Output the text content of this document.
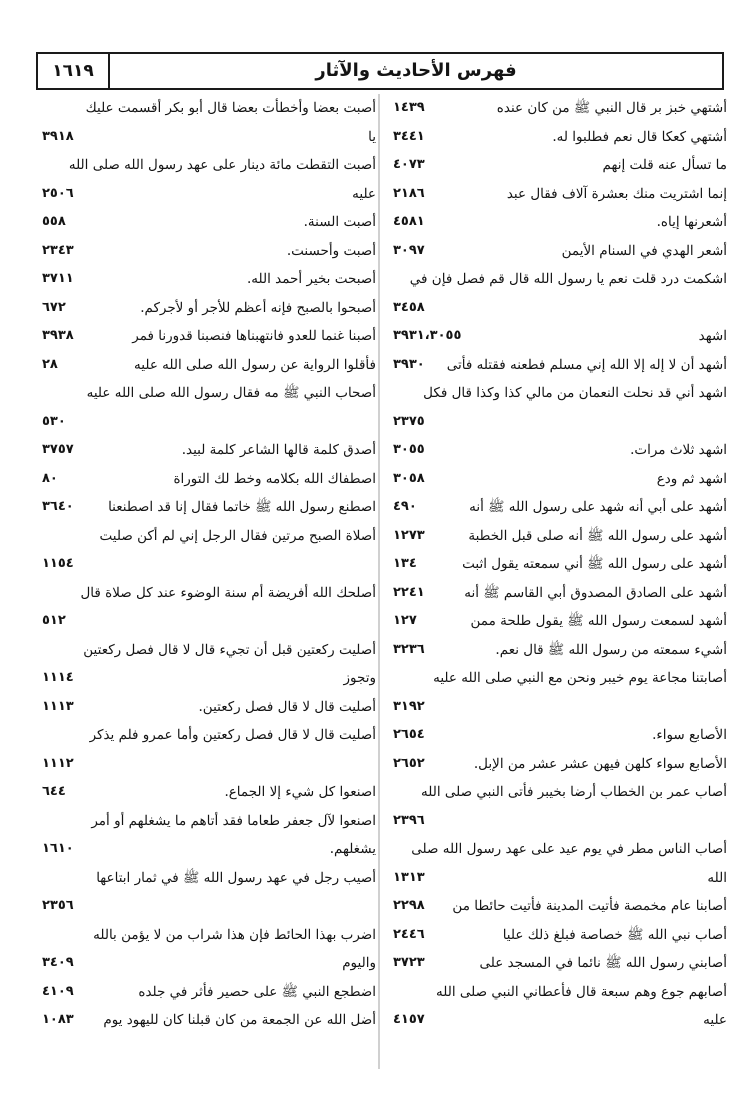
١٦١٩	فهرس الأحاديث والآثار
أشتهي خبز بر قال النبي ﷺ من كان عنده
١٤٣٩
أشتهي كعكا قال نعم فطلبوا له.
٣٤٤١
ما تسأل عنه قلت إنهم
٤٠٧٣
إنما اشتريت منك بعشرة آلاف فقال عبد
٢١٨٦
أشعرنها إياه.
٤٥٨١
أشعر الهدي في السنام الأيمن
٣٠٩٧
اشكمت درد قلت نعم يا رسول الله قال قم فصل فإن في
٣٤٥٨
اشهد
٣٩٣١،٣٠٥٥
أشهد أن لا إله إلا الله إني مسلم فطعنه فقتله فأتى
٣٩٣٠
اشهد أني قد نحلت النعمان من مالي كذا وكذا قال فكل
٢٣٧٥
اشهد ثلاث مرات.
٣٠٥٥
اشهد ثم ودع
٣٠٥٨
أشهد على أبي أنه شهد على رسول الله ﷺ أنه
٤٩٠
أشهد على رسول الله ﷺ أنه صلى قبل الخطبة
١٢٧٣
أشهد على رسول الله ﷺ أني سمعته يقول اثبت
١٣٤
أشهد على الصادق المصدوق أبي القاسم ﷺ أنه
٢٢٤١
أشهد لسمعت رسول الله ﷺ يقول طلحة ممن
١٢٧
أشيء سمعته من رسول الله ﷺ قال نعم.
٣٢٣٦
أصابتنا مجاعة يوم خيبر ونحن مع النبي صلى الله عليه
٣١٩٢
الأصابع سواء.
٢٦٥٤
الأصابع سواء كلهن فيهن عشر عشر من الإبل.
٢٦٥٢
أصاب عمر بن الخطاب أرضا بخيبر فأتى النبي صلى الله
٢٣٩٦
أصاب الناس مطر في يوم عيد على عهد رسول الله صلى
الله
١٣١٣
أصابنا عام مخمصة فأتيت المدينة فأتيت حائطا من
٢٢٩٨
أصاب نبي الله ﷺ خصاصة فبلغ ذلك عليا
٢٤٤٦
أصابني رسول الله ﷺ نائما في المسجد على
٣٧٢٣
أصابهم جوع وهم سبعة قال فأعطاني النبي صلى الله
عليه
٤١٥٧
أصبت بعضا وأخطأت بعضا قال أبو بكر أقسمت عليك
يا
٣٩١٨
أصبت التقطت مائة دينار على عهد رسول الله صلى الله
عليه
٢٥٠٦
أصبت السنة.
٥٥٨
أصبت وأحسنت.
٢٣٤٣
أصبحت بخير أحمد الله.
٣٧١١
أصبحوا بالصبح فإنه أعظم للأجر أو لأجركم.
٦٧٢
أصبنا غنما للعدو فانتهبناها فنصبنا قدورنا فمر
٣٩٣٨
فأقلوا الرواية عن رسول الله صلى الله عليه
٢٨
أصحاب النبي ﷺ مه فقال رسول الله صلى الله عليه
٥٣٠
أصدق كلمة قالها الشاعر كلمة لبيد.
٣٧٥٧
اصطفاك الله بكلامه وخط لك التوراة
٨٠
اصطنع رسول الله ﷺ خاتما فقال إنا قد اصطنعنا
٣٦٤٠
أصلاة الصبح مرتين فقال الرجل إني لم أكن صليت
١١٥٤
أصلحك الله أفريضة أم سنة الوضوء عند كل صلاة قال
٥١٢
أصليت ركعتين قبل أن تجيء قال لا قال فصل ركعتين
وتجوز
١١١٤
أصليت قال لا قال فصل ركعتين.
١١١٣
أصليت قال لا قال فصل ركعتين وأما عمرو فلم يذكر
١١١٢
اصنعوا كل شيء إلا الجماع.
٦٤٤
اصنعوا لآل جعفر طعاما فقد أتاهم ما يشغلهم أو أمر
يشغلهم.
١٦١٠
أصيب رجل في عهد رسول الله ﷺ في ثمار ابتاعها
٢٣٥٦
اضرب بهذا الحائط فإن هذا شراب من لا يؤمن بالله
واليوم
٣٤٠٩
اضطجع النبي ﷺ على حصير فأثر في جلده
٤١٠٩
أضل الله عن الجمعة من كان قبلنا كان لليهود يوم
١٠٨٣
